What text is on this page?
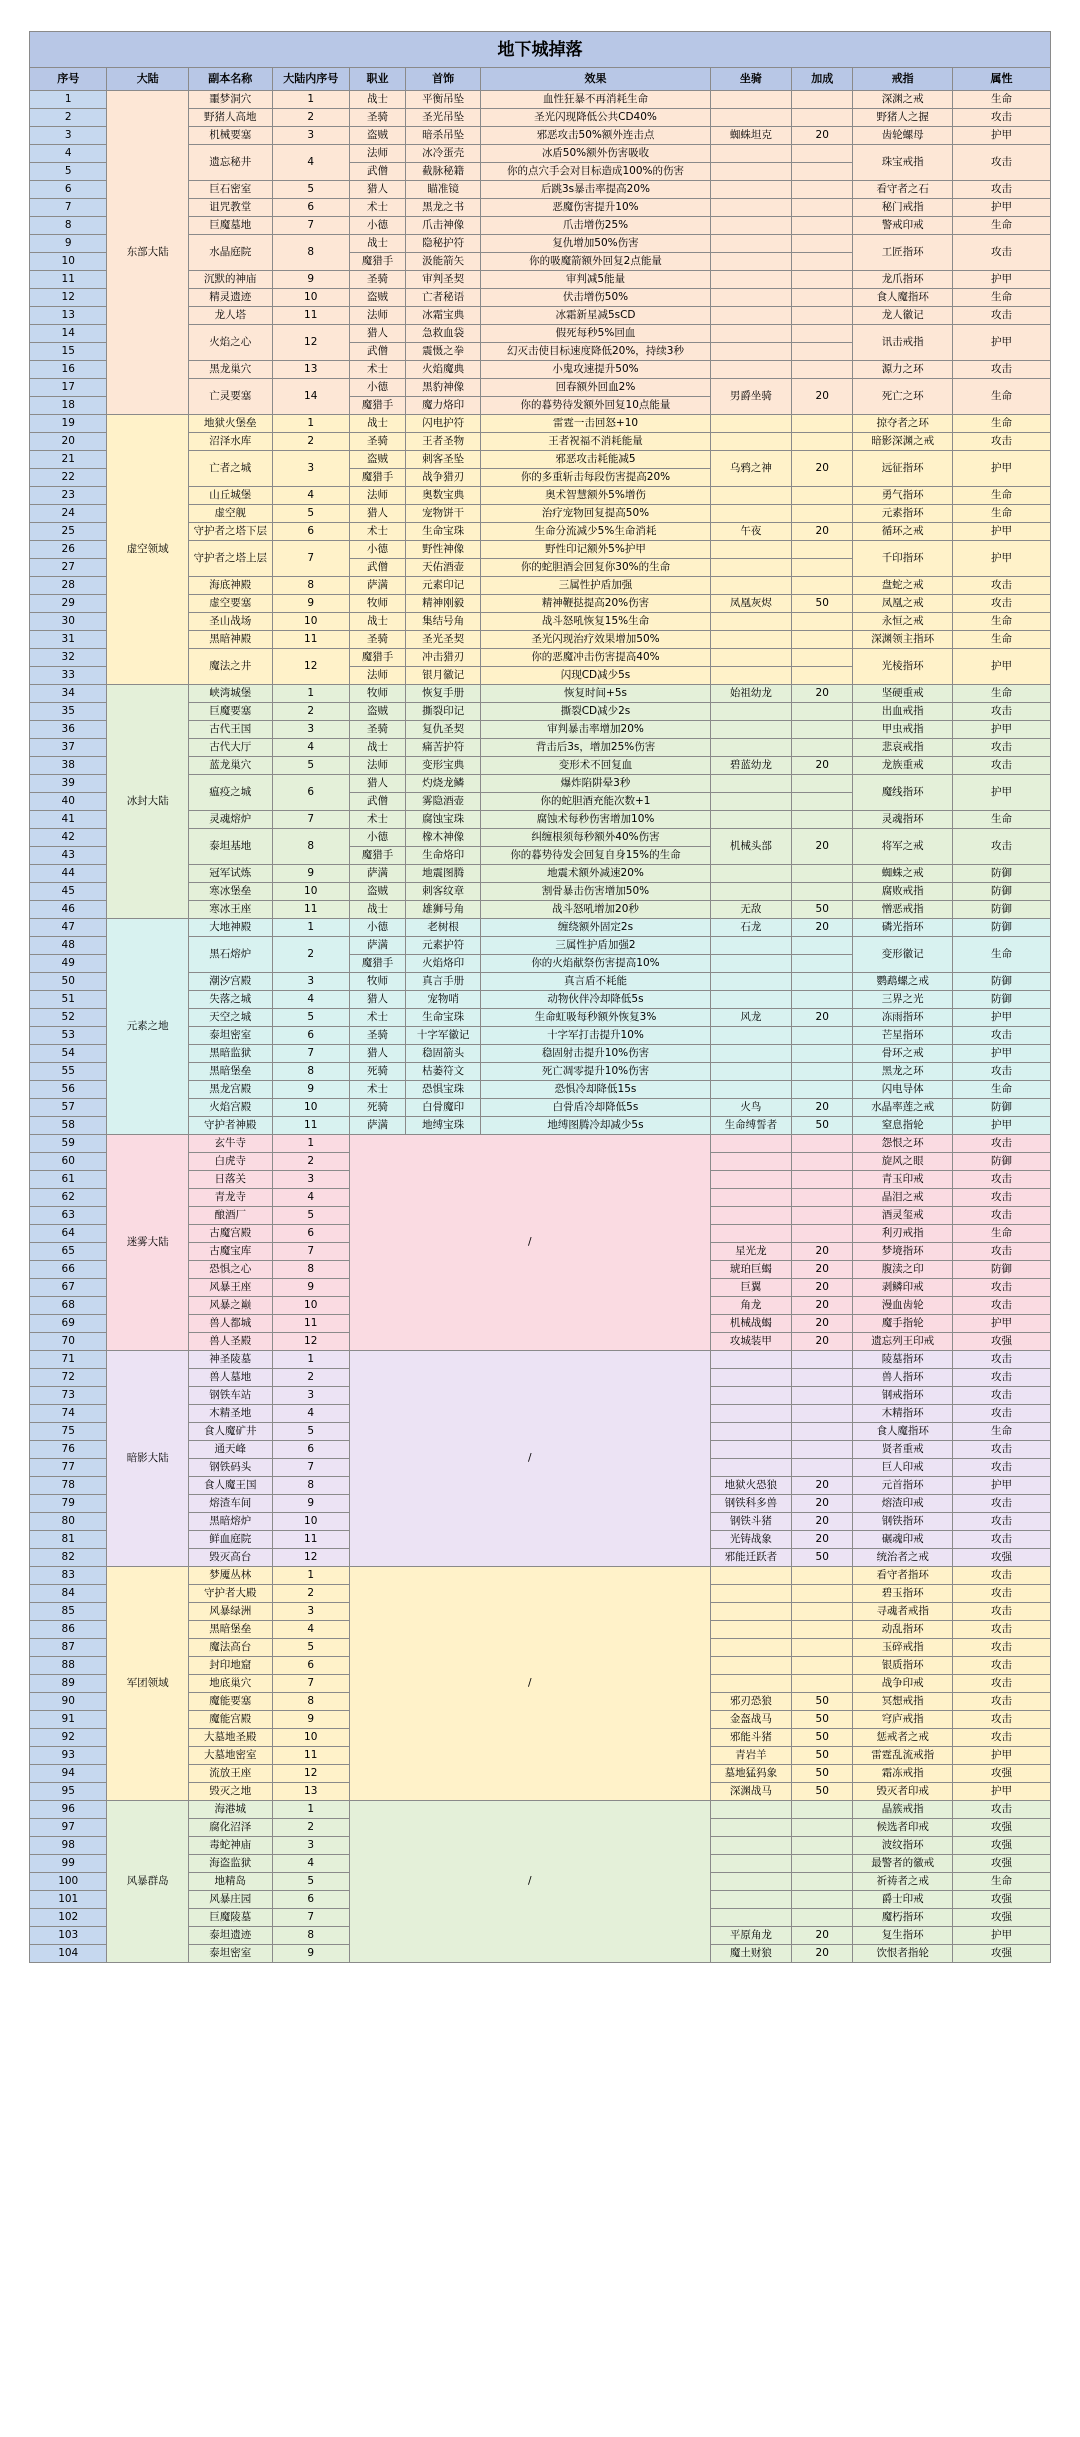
地下城掉落
序号	大陆	副本名称	大陆内序号	职业	首饰	效果	坐骑	加成	戒指	属性
1	东部大陆	噩梦洞穴	1	战士	平衡吊坠	血性狂暴不再消耗生命			深渊之戒	生命
2		野猪人高地	2	圣骑	圣光吊坠	圣光闪现降低公共CD40%			野猪人之握	攻击
3		机械要塞	3	盗贼	暗杀吊坠	邪恶攻击50%额外连击点	蜘蛛坦克	20	齿轮螺母	护甲
4		遗忘秘井	4	法师	冰冷蛋壳	冰盾50%额外伤害吸收			珠宝戒指	攻击
5				武僧	截脉秘籍	你的点穴手会对目标造成100%的伤害				
6		巨石密室	5	猎人	瞄准镜	后跳3s暴击率提高20%			看守者之石	攻击
7		诅咒教堂	6	术士	黑龙之书	恶魔伤害提升10%			秘门戒指	护甲
8		巨魔墓地	7	小德	爪击神像	爪击增伤25%			警戒印戒	生命
9		水晶庭院	8	战士	隐秘护符	复仇增加50%伤害			工匠指环	攻击
10				魔猎手	汲能箭矢	你的吸魔箭额外回复2点能量				
11		沉默的神庙	9	圣骑	审判圣契	审判减5能量			龙爪指环	护甲
12		精灵遗迹	10	盗贼	亡者秘语	伏击增伤50%			食人魔指环	生命
13		龙人塔	11	法师	冰霜宝典	冰霜新星减5sCD			龙人徽记	攻击
14		火焰之心	12	猎人	急救血袋	假死每秒5%回血			讯击戒指	护甲
15				武僧	震慑之拳	幻灭击使目标速度降低20%，持续3秒				
16		黑龙巢穴	13	术士	火焰魔典	小鬼攻速提升50%			源力之环	攻击
17		亡灵要塞	14	小德	黑豹神像	回春额外回血2%	男爵坐骑	20	死亡之环	生命
18				魔猎手	魔力烙印	你的暮势待发额外回复10点能量				
19	虚空领域	地狱火堡垒	1	战士	闪电护符	雷霆一击回怒+10			掠夺者之环	生命
20		沼泽水库	2	圣骑	王者圣物	王者祝福不消耗能量			暗影深渊之戒	攻击
21		亡者之城	3	盗贼	刺客圣坠	邪恶攻击耗能减5	乌鸦之神	20	远征指环	护甲
22				魔猎手	战争猎刃	你的多重斩击每段伤害提高20%				
23		山丘城堡	4	法师	奥数宝典	奥术智慧额外5%增伤			勇气指环	生命
24		虚空舰	5	猎人	宠物饼干	治疗宠物回复提高50%			元素指环	生命
25		守护者之塔下层	6	术士	生命宝珠	生命分流减少5%生命消耗	午夜	20	循环之戒	护甲
26		守护者之塔上层	7	小德	野性神像	野性印记额外5%护甲			千印指环	护甲
27				武僧	天佑酒壶	你的蛇胆酒会回复你30%的生命				
28		海底神殿	8	萨满	元素印记	三属性护盾加强			盘蛇之戒	攻击
29		虚空要塞	9	牧师	精神刚毅	精神鞭挞提高20%伤害	凤凰灰烬	50	凤凰之戒	攻击
30		圣山战场	10	战士	集结号角	战斗怒吼恢复15%生命			永恒之戒	生命
31		黑暗神殿	11	圣骑	圣光圣契	圣光闪现治疗效果增加50%			深渊领主指环	生命
32		魔法之井	12	魔猎手	冲击猎刃	你的恶魔冲击伤害提高40%			光棱指环	护甲
33				法师	银月徽记	闪现CD减少5s				
34	冰封大陆	峡湾城堡	1	牧师	恢复手册	恢复时间+5s	始祖幼龙	20	坚硬重戒	生命
35		巨魔要塞	2	盗贼	撕裂印记	撕裂CD减少2s			出血戒指	攻击
36		古代王国	3	圣骑	复仇圣契	审判暴击率增加20%			甲虫戒指	护甲
37		古代大厅	4	战士	痛苦护符	背击后3s，增加25%伤害			悲哀戒指	攻击
38		蓝龙巢穴	5	法师	变形宝典	变形术不回复血	碧蓝幼龙	20	龙族重戒	攻击
39		瘟疫之城	6	猎人	灼烧龙鳞	爆炸陷阱晕3秒			魔线指环	护甲
40				武僧	雾隐酒壶	你的蛇胆酒充能次数+1				
41		灵魂熔炉	7	术士	腐蚀宝珠	腐蚀术每秒伤害增加10%			灵魂指环	生命
42		泰坦基地	8	小德	橡木神像	纠缠根须每秒额外40%伤害	机械头部	20	将军之戒	攻击
43				魔猎手	生命烙印	你的暮势待发会回复自身15%的生命				
44		冠军试炼	9	萨满	地震图腾	地震术额外减速20%			蜘蛛之戒	防御
45		寒冰堡垒	10	盗贼	刺客纹章	割骨暴击伤害增加50%			腐败戒指	防御
46		寒冰王座	11	战士	雄狮号角	战斗怒吼增加20秒	无敌	50	憎恶戒指	防御
47	元素之地	大地神殿	1	小德	老树根	缠绕额外固定2s	石龙	20	磷光指环	防御
48		黑石熔炉	2	萨满	元素护符	三属性护盾加强2			变形徽记	生命
49				魔猎手	火焰烙印	你的火焰献祭伤害提高10%				
50		潮汐宫殿	3	牧师	真言手册	真言盾不耗能			鹦鹉螺之戒	防御
51		失落之城	4	猎人	宠物哨	动物伙伴冷却降低5s			三界之光	防御
52		天空之城	5	术士	生命宝珠	生命虹吸每秒额外恢复3%	风龙	20	冻雨指环	护甲
53		泰坦密室	6	圣骑	十字军徽记	十字军打击提升10%			芒星指环	攻击
54		黑暗监狱	7	猎人	稳固箭头	稳固射击提升10%伤害			骨环之戒	护甲
55		黑暗堡垒	8	死骑	枯萎符文	死亡凋零提升10%伤害			黑龙之环	攻击
56		黑龙宫殿	9	术士	恐惧宝珠	恐惧冷却降低15s			闪电导体	生命
57		火焰宫殿	10	死骑	白骨魔印	白骨盾冷却降低5s	火鸟	20	水晶率莲之戒	防御
58		守护者神殿	11	萨满	地缚宝珠	地缚图腾冷却减少5s	生命缚誓者	50	窒息指轮	护甲
59	迷雾大陆	玄牛寺	1	/					怨恨之环	攻击
60		白虎寺	2						旋风之眼	防御
61		日落关	3						青玉印戒	攻击
62		青龙寺	4						晶泪之戒	攻击
63		酿酒厂	5						酒灵玺戒	攻击
64		古魔宫殿	6						利刃戒指	生命
65		古魔宝库	7				星光龙	20	梦境指环	攻击
66		恐惧之心	8				琥珀巨蝎	20	腹渎之印	防御
67		风暴王座	9				巨翼	20	剥鳞印戒	攻击
68		风暴之巅	10				角龙	20	漫血齿轮	攻击
69		兽人都城	11				机械战蝎	20	魔手指轮	护甲
70		兽人圣殿	12				攻城装甲	20	遗忘列王印戒	攻强
71	暗影大陆	神圣陵墓	1	/					陵墓指环	攻击
72		兽人墓地	2						兽人指环	攻击
73		钢铁车站	3						钢戒指环	攻击
74		木精圣地	4						木精指环	攻击
75		食人魔矿井	5						食人魔指环	生命
76		通天峰	6						贤者重戒	攻击
77		钢铁码头	7						巨人印戒	攻击
78		食人魔王国	8				地狱火恐狼	20	元首指环	护甲
79		熔渣车间	9				钢铁科多兽	20	熔渣印戒	攻击
80		黑暗熔炉	10				钢铁斗猪	20	钢铁指环	攻击
81		鲜血庭院	11				光铸战象	20	碾魂印戒	攻击
82		毁灭高台	12				邪能迁跃者	50	统治者之戒	攻强
83	军团领域	梦魇丛林	1	/					看守者指环	攻击
84		守护者大殿	2						碧玉指环	攻击
85		风暴绿洲	3						寻魂者戒指	攻击
86		黑暗堡垒	4						动乱指环	攻击
87		魔法高台	5						玉碎戒指	攻击
88		封印地窟	6						银质指环	攻击
89		地底巢穴	7						战争印戒	攻击
90		魔能要塞	8				邪刃恐狼	50	冥想戒指	攻击
91		魔能宫殿	9				金盔战马	50	穹庐戒指	攻击
92		大墓地圣殿	10				邪能斗猪	50	惩戒者之戒	攻击
93		大墓地密室	11				青岩羊	50	雷霆乱流戒指	护甲
94		流放王座	12				墓地猛犸象	50	霜冻戒指	攻强
95		毁灭之地	13				深渊战马	50	毁灭者印戒	护甲
96	风暴群岛	海港城	1	/					晶簇戒指	攻击
97		腐化沼泽	2						候选者印戒	攻强
98		毒蛇神庙	3						波纹指环	攻强
99		海盗监狱	4						最警者的徽戒	攻强
100		地精岛	5						祈祷者之戒	生命
101		风暴庄园	6						爵士印戒	攻强
102		巨魔陵墓	7						魔朽指环	攻强
103		泰坦遗迹	8				平原角龙	20	复生指环	护甲
104		泰坦密室	9				魔土财狼	20	饮恨者指轮	攻强
